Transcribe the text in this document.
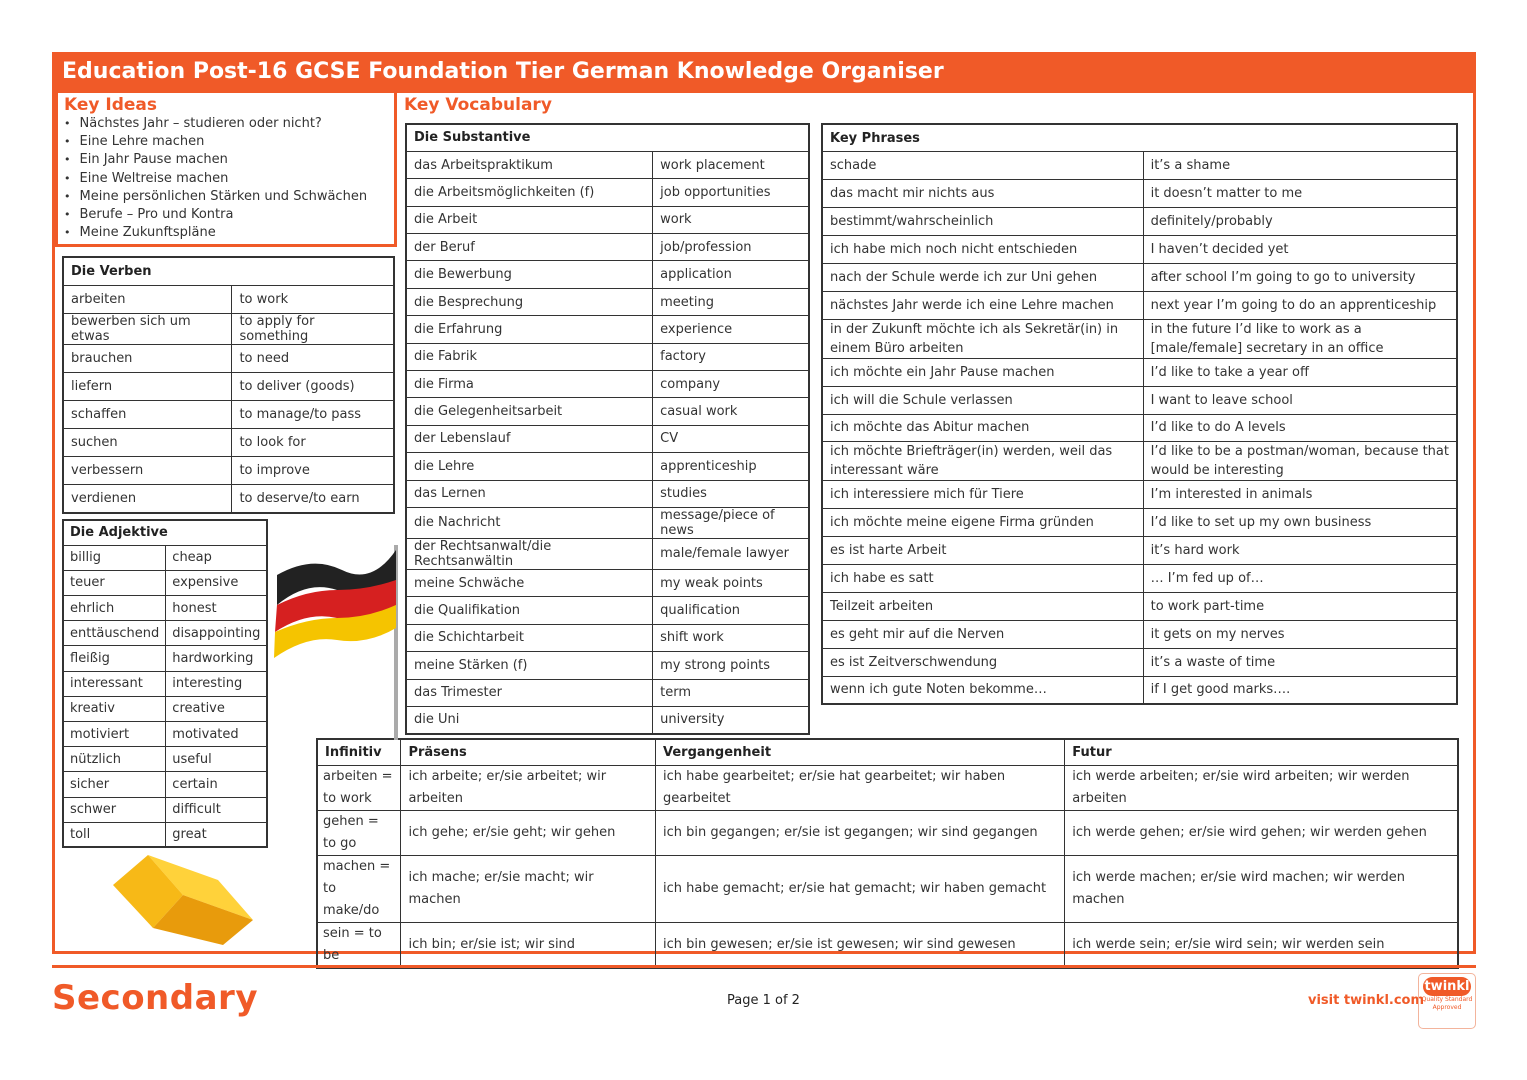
Education Post-16 GCSE Foundation Tier German Knowledge Organiser
Key Ideas
• Nächstes Jahr – studieren oder nicht?
• Eine Lehre machen
• Ein Jahr Pause machen
• Eine Weltreise machen
• Meine persönlichen Stärken und Schwächen
• Berufe – Pro und Kontra
• Meine Zukunftspläne
Key Vocabulary
Die Substantive	
das Arbeitspraktikum	work placement
die Arbeitsmöglichkeiten (f)	job opportunities
die Arbeit	work
der Beruf	job/profession
die Bewerbung	application
die Besprechung	meeting
die Erfahrung	experience
die Fabrik	factory
die Firma	company
die Gelegenheitsarbeit	casual work
der Lebenslauf	CV
die Lehre	apprenticeship
das Lernen	studies
die Nachricht	message/piece of news
der Rechtsanwalt/die Rechtsanwältin	male/female lawyer
meine Schwäche	my weak points
die Qualifikation	qualification
die Schichtarbeit	shift work
meine Stärken (f)	my strong points
das Trimester	term
die Uni	university
Key Phrases	
schade	it’s a shame
das macht mir nichts aus	it doesn’t matter to me
bestimmt/wahrscheinlich	definitely/probably
ich habe mich noch nicht entschieden	I haven’t decided yet
nach der Schule werde ich zur Uni gehen	after school I’m going to go to university
nächstes Jahr werde ich eine Lehre machen	next year I’m going to do an apprenticeship
in der Zukunft möchte ich als Sekretär(in) in einem Büro arbeiten	in the future I’d like to work as a [male/female] secretary in an office
ich möchte ein Jahr Pause machen	I’d like to take a year off
ich will die Schule verlassen	I want to leave school
ich möchte das Abitur machen	I’d like to do A levels
ich möchte Briefträger(in) werden, weil das interessant wäre	I’d like to be a postman/woman, because that would be interesting
ich interessiere mich für Tiere	I’m interested in animals
ich möchte meine eigene Firma gründen	I’d like to set up my own business
es ist harte Arbeit	it’s hard work
ich habe es satt	… I’m fed up of…
Teilzeit arbeiten	to work part-time
es geht mir auf die Nerven	it gets on my nerves
es ist Zeitverschwendung	it’s a waste of time
wenn ich gute Noten bekomme…	if I get good marks….
Die Verben	
arbeiten	to work
bewerben sich um etwas	to apply for something
brauchen	to need
liefern	to deliver (goods)
schaffen	to manage/to pass
suchen	to look for
verbessern	to improve
verdienen	to deserve/to earn
Die Adjektive	
billig	cheap
teuer	expensive
ehrlich	honest
enttäuschend	disappointing
fleißig	hardworking
interessant	interesting
kreativ	creative
motiviert	motivated
nützlich	useful
sicher	certain
schwer	difficult
toll	great
Infinitiv	Präsens	Vergangenheit	Futur
arbeiten = to work	ich arbeite; er/sie arbeitet; wir arbeiten	ich habe gearbeitet; er/sie hat gearbeitet; wir haben gearbeitet	ich werde arbeiten; er/sie wird arbeiten; wir werden arbeiten
gehen = to go	ich gehe; er/sie geht; wir gehen	ich bin gegangen; er/sie ist gegangen; wir sind gegangen	ich werde gehen; er/sie wird gehen; wir werden gehen
machen = to make/do	ich mache; er/sie macht; wir machen	ich habe gemacht; er/sie hat gemacht; wir haben gemacht	ich werde machen; er/sie wird machen; wir werden machen
sein = to be	ich bin; er/sie ist; wir sind	ich bin gewesen; er/sie ist gewesen; wir sind gewesen	ich werde sein; er/sie wird sein; wir werden sein
Secondary	Page 1 of 2	visit twinkl.com
twinkl
Quality Standard
Approved
